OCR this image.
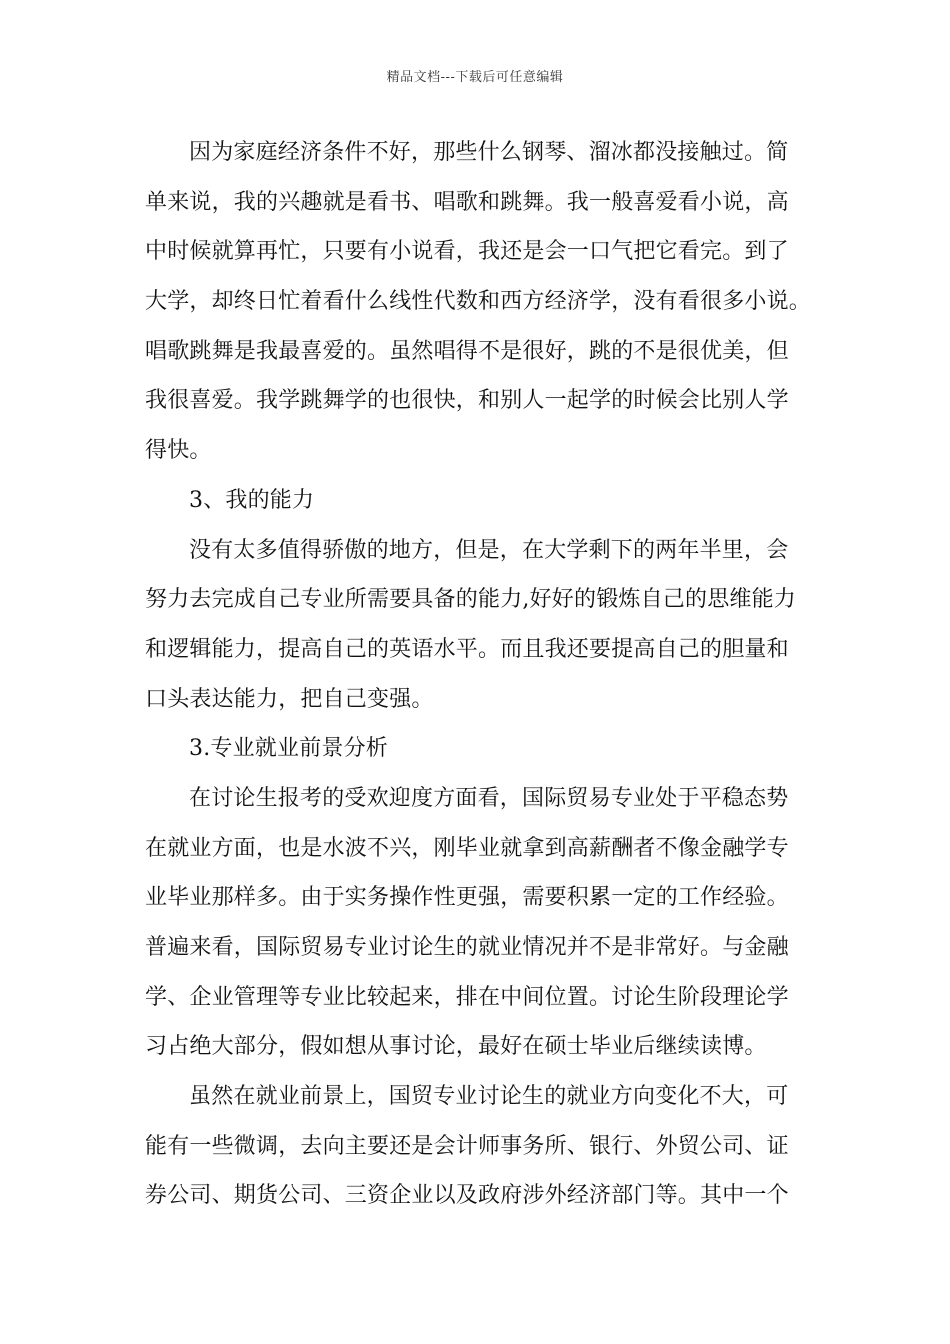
精品文档---下载后可任意编辑
因为家庭经济条件不好，那些什么钢琴、溜冰都没接触过。简
单来说，我的兴趣就是看书、唱歌和跳舞。我一般喜爱看小说，高
中时候就算再忙，只要有小说看，我还是会一口气把它看完。到了
大学，却终日忙着看什么线性代数和西方经济学，没有看很多小说。
唱歌跳舞是我最喜爱的。虽然唱得不是很好，跳的不是很优美，但
我很喜爱。我学跳舞学的也很快，和别人一起学的时候会比别人学
得快。
3、我的能力
没有太多值得骄傲的地方，但是，在大学剩下的两年半里，会
努力去完成自己专业所需要具备的能力,好好的锻炼自己的思维能力
和逻辑能力，提高自己的英语水平。而且我还要提高自己的胆量和
口头表达能力，把自己变强。
3.专业就业前景分析
在讨论生报考的受欢迎度方面看，国际贸易专业处于平稳态势
在就业方面，也是水波不兴，刚毕业就拿到高薪酬者不像金融学专
业毕业那样多。由于实务操作性更强，需要积累一定的工作经验。
普遍来看，国际贸易专业讨论生的就业情况并不是非常好。与金融
学、企业管理等专业比较起来，排在中间位置。讨论生阶段理论学
习占绝大部分，假如想从事讨论，最好在硕士毕业后继续读博。
虽然在就业前景上，国贸专业讨论生的就业方向变化不大，可
能有一些微调，去向主要还是会计师事务所、银行、外贸公司、证
券公司、期货公司、三资企业以及政府涉外经济部门等。其中一个
